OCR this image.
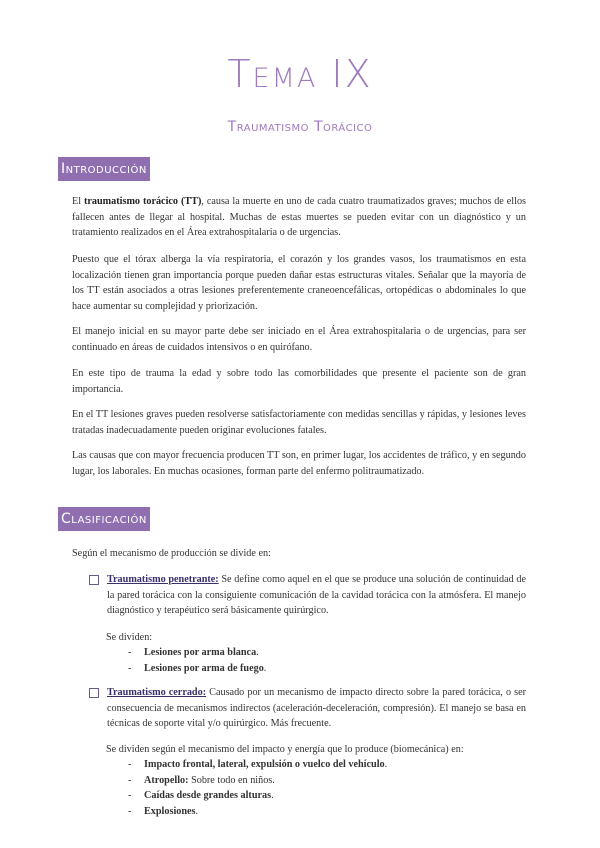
Tema IX
Traumatismo Torácico
Introducción
El traumatismo torácico (TT), causa la muerte en uno de cada cuatro traumatizados graves; muchos de ellos fallecen antes de llegar al hospital. Muchas de estas muertes se pueden evitar con un diagnóstico y un tratamiento realizados en el Área extrahospitalaria o de urgencias.
Puesto que el tórax alberga la vía respiratoria, el corazón y los grandes vasos, los traumatismos en esta localización tienen gran importancia porque pueden dañar estas estructuras vitales. Señalar que la mayoría de los TT están asociados a otras lesiones preferentemente craneoencefálicas, ortopédicas o abdominales lo que hace aumentar su complejidad y priorización.
El manejo inicial en su mayor parte debe ser iniciado en el Área extrahospitalaria o de urgencias, para ser continuado en áreas de cuidados intensivos o en quirófano.
En este tipo de trauma la edad y sobre todo las comorbilidades que presente el paciente son de gran importancia.
En el TT lesiones graves pueden resolverse satisfactoriamente con medidas sencillas y rápidas, y lesiones leves tratadas inadecuadamente pueden originar evoluciones fatales.
Las causas que con mayor frecuencia producen TT son, en primer lugar, los accidentes de tráfico, y en segundo lugar, los laborales. En muchas ocasiones, forman parte del enfermo politraumatizado.
Clasificación
Según el mecanismo de producción se divide en:
Traumatismo penetrante: Se define como aquel en el que se produce una solución de continuidad de la pared torácica con la consiguiente comunicación de la cavidad torácica con la atmósfera. El manejo diagnóstico y terapéutico será básicamente quirúrgico.
Se dividen:
- Lesiones por arma blanca.
- Lesiones por arma de fuego.
Traumatismo cerrado: Causado por un mecanismo de impacto directo sobre la pared torácica, o ser consecuencia de mecanismos indirectos (aceleración-deceleración, compresión). El manejo se basa en técnicas de soporte vital y/o quirúrgico. Más frecuente.
Se dividen según el mecanismo del impacto y energía que lo produce (biomecánica) en:
- Impacto frontal, lateral, expulsión o vuelco del vehículo.
- Atropello: Sobre todo en niños.
- Caídas desde grandes alturas.
- Explosiones.
